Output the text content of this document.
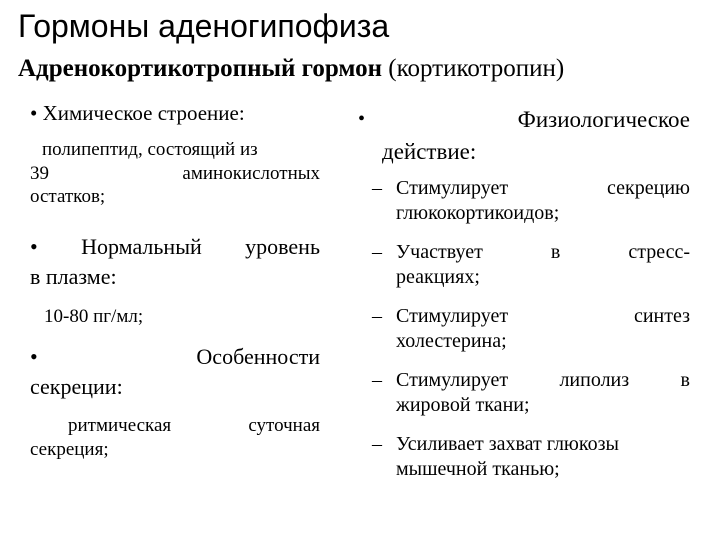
Гормоны аденогипофиза
Адренокортикотропный гормон (кортикотропин)
• Химическое строение:
полипептид, состоящий из
39	аминокислотных
остатков;
• Нормальный уровень
в плазме:
10-80 пг/мл;
•	Особенности
секреции:
ритмическая	суточная
секреция;
•	Физиологическое
действие:
– Стимулирует	секрецию
глюкокортикоидов;
– Участвует	в	стресс-
реакциях;
– Стимулирует	синтез
холестерина;
– Стимулирует	липолиз	в
жировой ткани;
– Усиливает захват глюкозы
мышечной тканью;
